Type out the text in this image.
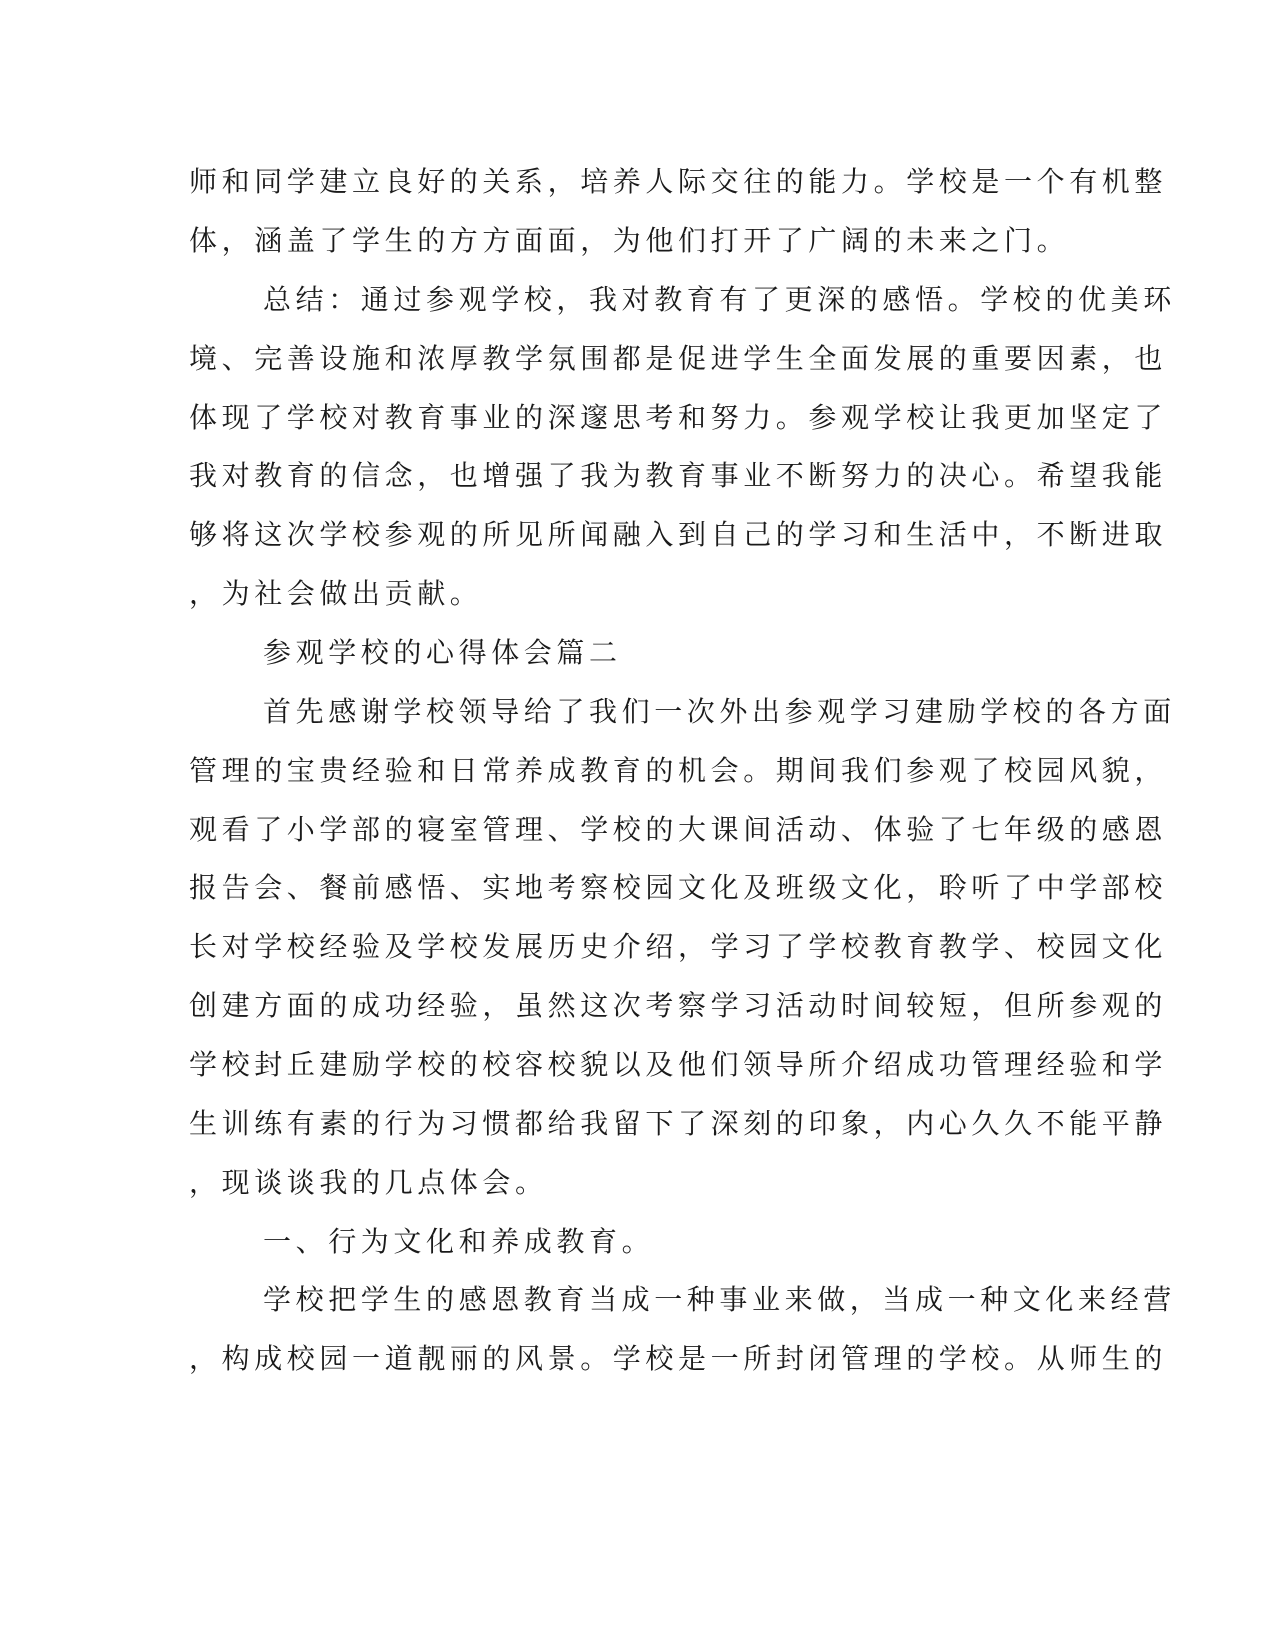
师和同学建立良好的关系，培养人际交往的能力。学校是一个有机整
体，涵盖了学生的方方面面，为他们打开了广阔的未来之门。
总结：通过参观学校，我对教育有了更深的感悟。学校的优美环
境、完善设施和浓厚教学氛围都是促进学生全面发展的重要因素，也
体现了学校对教育事业的深邃思考和努力。参观学校让我更加坚定了
我对教育的信念，也增强了我为教育事业不断努力的决心。希望我能
够将这次学校参观的所见所闻融入到自己的学习和生活中，不断进取
，为社会做出贡献。
参观学校的心得体会篇二
首先感谢学校领导给了我们一次外出参观学习建励学校的各方面
管理的宝贵经验和日常养成教育的机会。期间我们参观了校园风貌，
观看了小学部的寝室管理、学校的大课间活动、体验了七年级的感恩
报告会、餐前感悟、实地考察校园文化及班级文化，聆听了中学部校
长对学校经验及学校发展历史介绍，学习了学校教育教学、校园文化
创建方面的成功经验，虽然这次考察学习活动时间较短，但所参观的
学校封丘建励学校的校容校貌以及他们领导所介绍成功管理经验和学
生训练有素的行为习惯都给我留下了深刻的印象，内心久久不能平静
，现谈谈我的几点体会。
一、行为文化和养成教育。
学校把学生的感恩教育当成一种事业来做，当成一种文化来经营
，构成校园一道靓丽的风景。学校是一所封闭管理的学校。从师生的
